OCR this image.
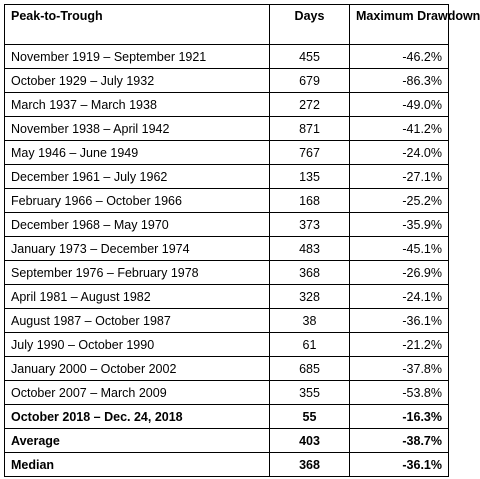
Peak-to-Trough	Days	Maximum Drawdown
November 1919 – September 1921	455	-46.2%
October 1929 – July 1932	679	-86.3%
March 1937 – March 1938	272	-49.0%
November 1938 – April 1942	871	-41.2%
May 1946 – June 1949	767	-24.0%
December 1961 – July 1962	135	-27.1%
February 1966 – October 1966	168	-25.2%
December 1968 – May 1970	373	-35.9%
January 1973 – December 1974	483	-45.1%
September 1976 – February 1978	368	-26.9%
April 1981 – August 1982	328	-24.1%
August 1987 – October 1987	38	-36.1%
July 1990 – October 1990	61	-21.2%
January 2000 – October 2002	685	-37.8%
October 2007 – March 2009	355	-53.8%
October 2018 – Dec. 24, 2018	55	-16.3%
Average	403	-38.7%
Median	368	-36.1%
